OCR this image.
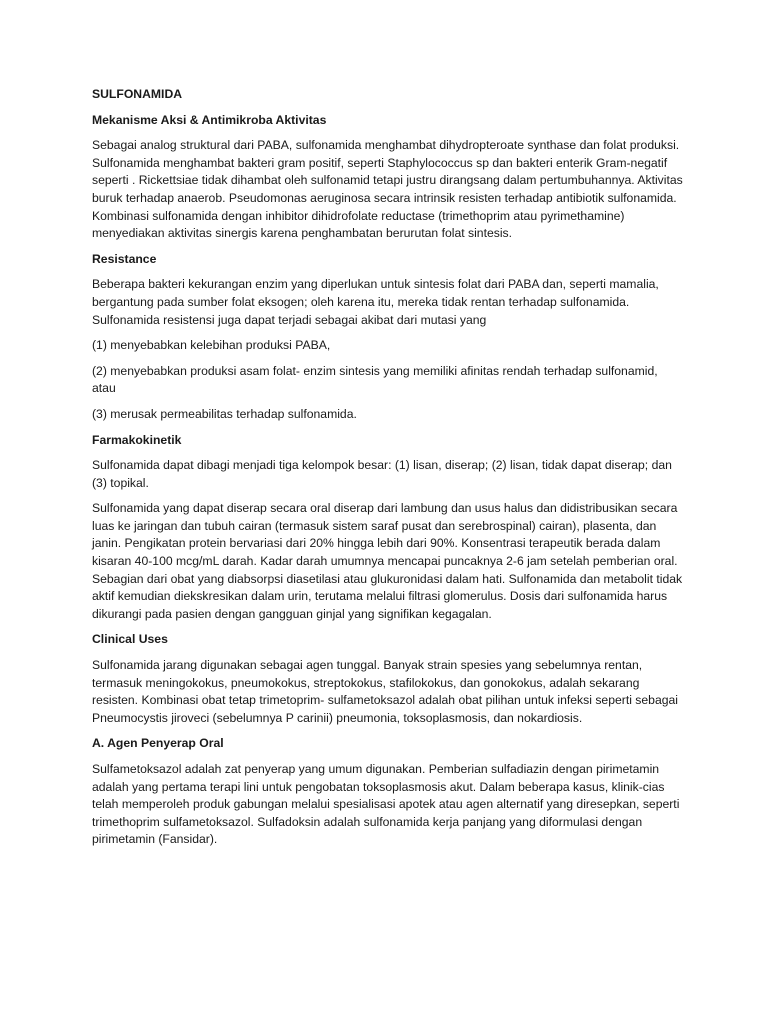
SULFONAMIDA
Mekanisme Aksi & Antimikroba Aktivitas

Sebagai analog struktural dari PABA, sulfonamida menghambat dihydropteroate synthase dan folat produksi. Sulfonamida menghambat bakteri gram positif, seperti Staphylococcus sp dan bakteri enterik Gram-negatif seperti . Rickettsiae tidak dihambat oleh sulfonamid tetapi justru dirangsang dalam pertumbuhannya. Aktivitas buruk terhadap anaerob. Pseudomonas aeruginosa secara intrinsik resisten terhadap antibiotik sulfonamida. Kombinasi sulfonamida dengan inhibitor dihidrofolate reductase (trimethoprim atau pyrimethamine) menyediakan aktivitas sinergis karena penghambatan berurutan folat sintesis.

Resistance

Beberapa bakteri kekurangan enzim yang diperlukan untuk sintesis folat dari PABA dan, seperti mamalia, bergantung pada sumber folat eksogen; oleh karena itu, mereka tidak rentan terhadap sulfonamida. Sulfonamida resistensi juga dapat terjadi sebagai akibat dari mutasi yang

(1) menyebabkan kelebihan produksi PABA,

(2) menyebabkan produksi asam folat- enzim sintesis yang memiliki afinitas rendah terhadap sulfonamid, atau

(3) merusak permeabilitas terhadap sulfonamida.

Farmakokinetik

Sulfonamida dapat dibagi menjadi tiga kelompok besar: (1) lisan, diserap; (2) lisan, tidak dapat diserap; dan (3) topikal.

Sulfonamida yang dapat diserap secara oral diserap dari lambung dan usus halus dan didistribusikan secara luas ke jaringan dan tubuh cairan (termasuk sistem saraf pusat dan serebrospinal) cairan), plasenta, dan janin. Pengikatan protein bervariasi dari 20% hingga lebih dari 90%. Konsentrasi terapeutik berada dalam kisaran 40-100 mcg/mL darah. Kadar darah umumnya mencapai puncaknya 2-6 jam setelah pemberian oral. Sebagian dari obat yang diabsorpsi diasetilasi atau glukuronidasi dalam hati. Sulfonamida dan metabolit tidak aktif kemudian diekskresikan dalam urin, terutama melalui filtrasi glomerulus. Dosis dari sulfonamida harus dikurangi pada pasien dengan gangguan ginjal yang signifikan kegagalan.

Clinical Uses

Sulfonamida jarang digunakan sebagai agen tunggal. Banyak strain spesies yang sebelumnya rentan, termasuk meningokokus, pneumokokus, streptokokus, stafilokokus, dan gonokokus, adalah sekarang resisten. Kombinasi obat tetap trimetoprim- sulfametoksazol adalah obat pilihan untuk infeksi seperti sebagai Pneumocystis jiroveci (sebelumnya P carinii) pneumonia, toksoplasmosis, dan nokardiosis.

A. Agen Penyerap Oral

Sulfametoksazol adalah zat penyerap yang umum digunakan. Pemberian sulfadiazin dengan pirimetamin adalah yang pertama terapi lini untuk pengobatan toksoplasmosis akut. Dalam beberapa kasus, klinik-cias telah memperoleh produk gabungan melalui spesialisasi apotek atau agen alternatif yang diresepkan, seperti trimethoprim sulfametoksazol. Sulfadoksin adalah sulfonamida kerja panjang yang diformulasi dengan pirimetamin (Fansidar).
